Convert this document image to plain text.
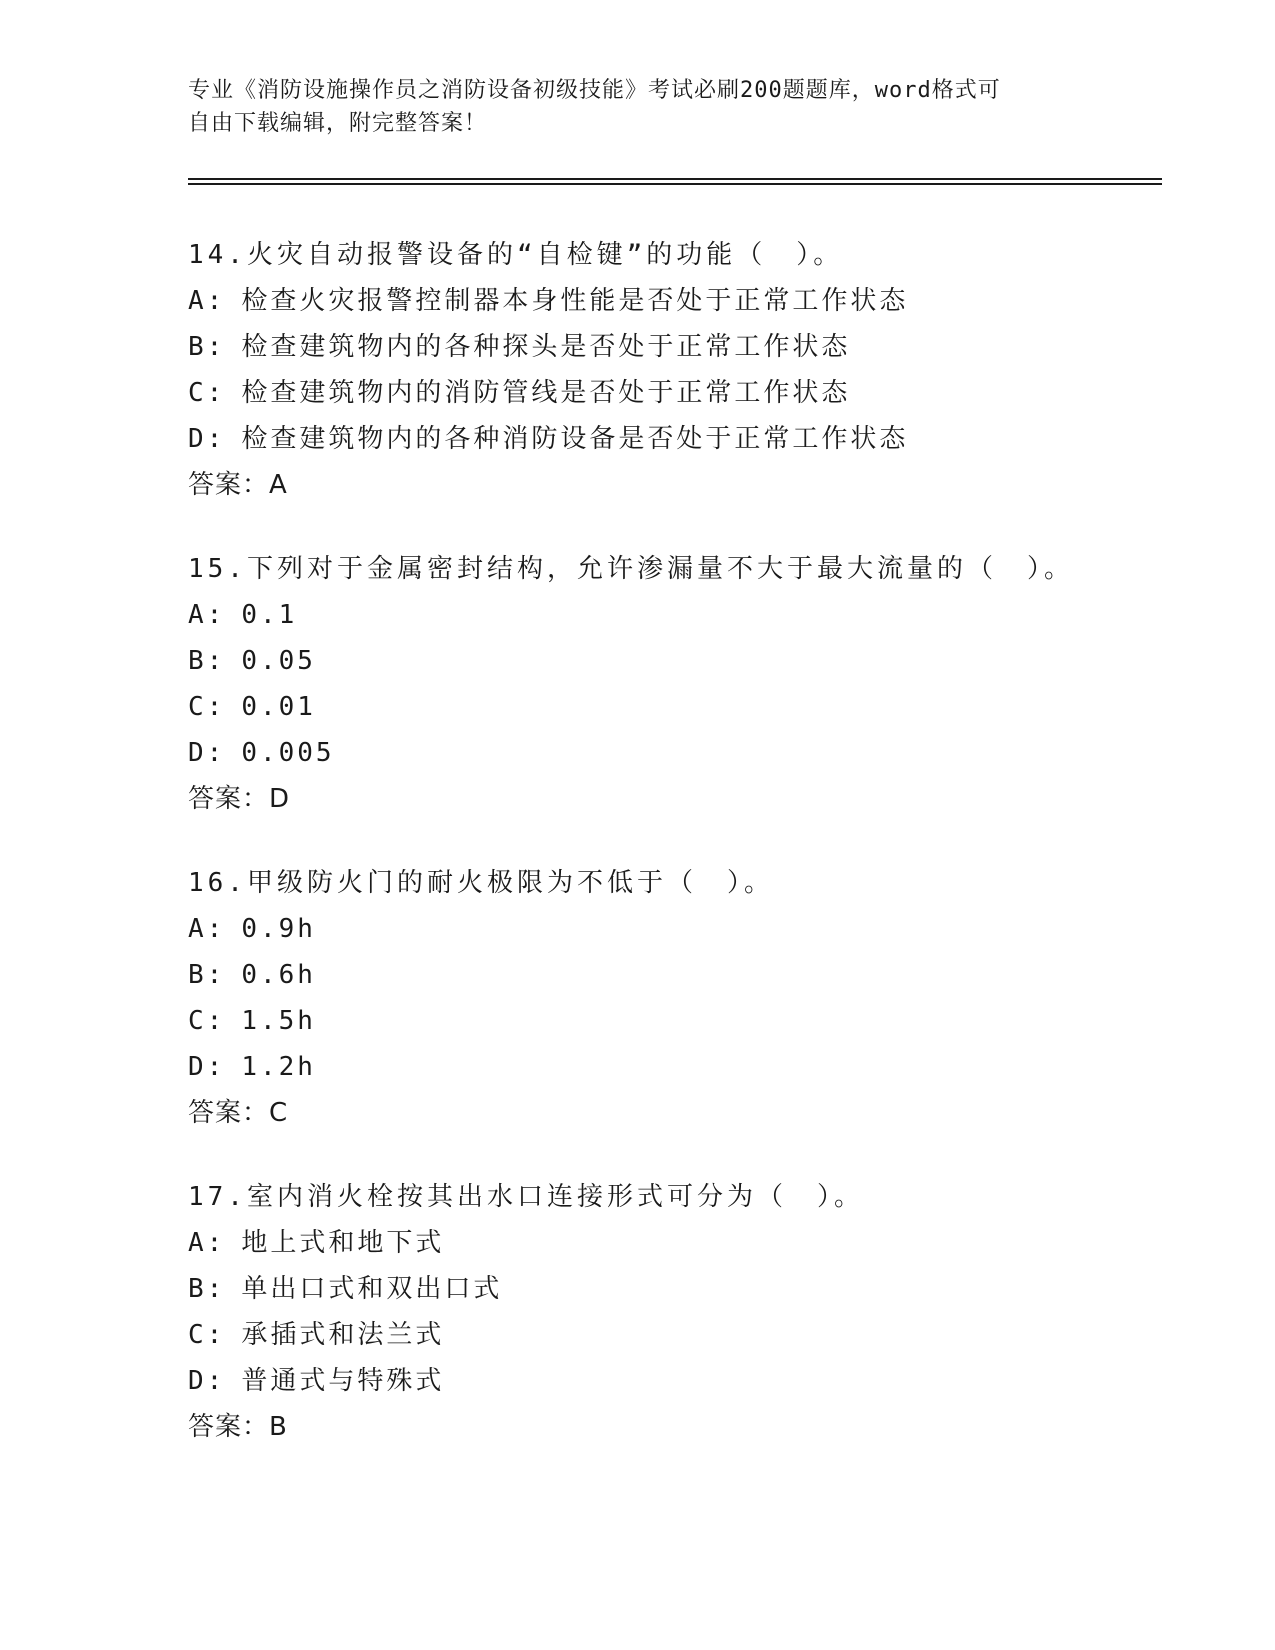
专业《消防设施操作员之消防设备初级技能》考试必刷200题题库，word格式可
自由下载编辑，附完整答案！
14.火灾自动报警设备的“自检键”的功能（　）。
A: 检查火灾报警控制器本身性能是否处于正常工作状态
B: 检查建筑物内的各种探头是否处于正常工作状态
C: 检查建筑物内的消防管线是否处于正常工作状态
D: 检查建筑物内的各种消防设备是否处于正常工作状态
答案：A
15.下列对于金属密封结构，允许渗漏量不大于最大流量的（　）。
A: 0.1
B: 0.05
C: 0.01
D: 0.005
答案：D
16.甲级防火门的耐火极限为不低于（　）。
A: 0.9h
B: 0.6h
C: 1.5h
D: 1.2h
答案：C
17.室内消火栓按其出水口连接形式可分为（　）。
A: 地上式和地下式
B: 单出口式和双出口式
C: 承插式和法兰式
D: 普通式与特殊式
答案：B
